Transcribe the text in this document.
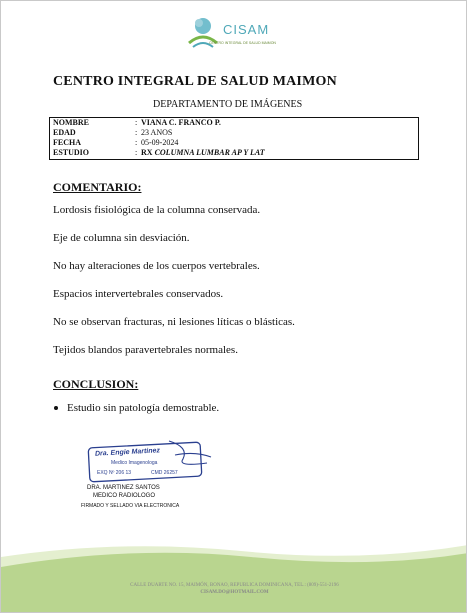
CISAM
CENTRO INTEGRAL DE SALUD MAIMON
CENTRO INTEGRAL DE SALUD MAIMON
DEPARTAMENTO DE IMÁGENES
NOMBRE	: VIANA C. FRANCO P.
EDAD	: 23 ANOS
FECHA	: 05-09-2024
ESTUDIO	: RX COLUMNA LUMBAR AP Y LAT
COMENTARIO:
Lordosis fisiológica de la columna conservada.
Eje de columna sin desviación.
No hay alteraciones de los cuerpos vertebrales.
Espacios intervertebrales conservados.
No se observan fracturas, ni lesiones líticas o blásticas.
Tejidos blandos paravertebrales normales.
CONCLUSION:
Estudio sin patología demostrable.
Dra. Engie Martinez
Medico Imagenologa
EXQ Nº 206 13	CMD 26257
DRA. MARTINEZ SANTOS
MEDICO RADIOLOGO
FIRMADO Y SELLADO VIA ELECTRONICA
CALLE DUARTE NO. 15, MAIMÓN, BONAO, REPUBLICA DOMINICANA, TEL.: (809)-551-2196
CISAM.DO@HOTMAIL.COM
